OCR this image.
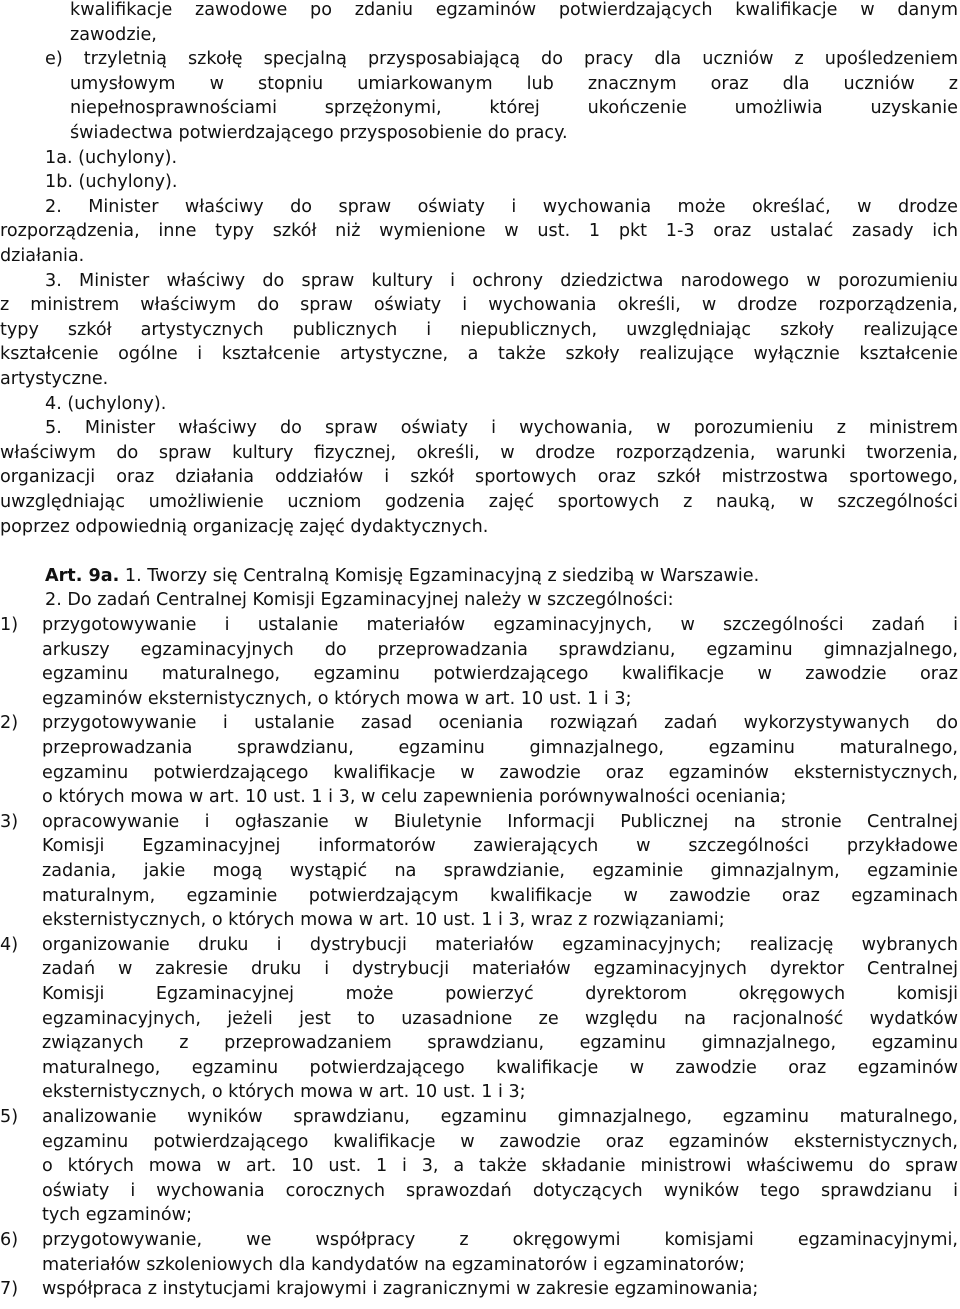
kwalifikacje zawodowe po zdaniu egzaminów potwierdzających kwalifikacje w danym
zawodzie,
e) trzyletnią szkołę specjalną przysposabiającą do pracy dla uczniów z upośledzeniem
umysłowym w stopniu umiarkowanym lub znacznym oraz dla uczniów z
niepełnosprawnościami sprzężonymi, której ukończenie umożliwia uzyskanie
świadectwa potwierdzającego przysposobienie do pracy.
1a. (uchylony).
1b. (uchylony).
2. Minister właściwy do spraw oświaty i wychowania może określać, w drodze
rozporządzenia, inne typy szkół niż wymienione w ust. 1 pkt 1-3 oraz ustalać zasady ich
działania.
3. Minister właściwy do spraw kultury i ochrony dziedzictwa narodowego w porozumieniu
z ministrem właściwym do spraw oświaty i wychowania określi, w drodze rozporządzenia,
typy szkół artystycznych publicznych i niepublicznych, uwzględniając szkoły realizujące
kształcenie ogólne i kształcenie artystyczne, a także szkoły realizujące wyłącznie kształcenie
artystyczne.
4. (uchylony).
5. Minister właściwy do spraw oświaty i wychowania, w porozumieniu z ministrem
właściwym do spraw kultury fizycznej, określi, w drodze rozporządzenia, warunki tworzenia,
organizacji oraz działania oddziałów i szkół sportowych oraz szkół mistrzostwa sportowego,
uwzględniając umożliwienie uczniom godzenia zajęć sportowych z nauką, w szczególności
poprzez odpowiednią organizację zajęć dydaktycznych.
Art. 9a. 1. Tworzy się Centralną Komisję Egzaminacyjną z siedzibą w Warszawie.
2. Do zadań Centralnej Komisji Egzaminacyjnej należy w szczególności:
1) przygotowywanie i ustalanie materiałów egzaminacyjnych, w szczególności zadań i
arkuszy egzaminacyjnych do przeprowadzania sprawdzianu, egzaminu gimnazjalnego,
egzaminu maturalnego, egzaminu potwierdzającego kwalifikacje w zawodzie oraz
egzaminów eksternistycznych, o których mowa w art. 10 ust. 1 i 3;
2) przygotowywanie i ustalanie zasad oceniania rozwiązań zadań wykorzystywanych do
przeprowadzania sprawdzianu, egzaminu gimnazjalnego, egzaminu maturalnego,
egzaminu potwierdzającego kwalifikacje w zawodzie oraz egzaminów eksternistycznych,
o których mowa w art. 10 ust. 1 i 3, w celu zapewnienia porównywalności oceniania;
3) opracowywanie i ogłaszanie w Biuletynie Informacji Publicznej na stronie Centralnej
Komisji Egzaminacyjnej informatorów zawierających w szczególności przykładowe
zadania, jakie mogą wystąpić na sprawdzianie, egzaminie gimnazjalnym, egzaminie
maturalnym, egzaminie potwierdzającym kwalifikacje w zawodzie oraz egzaminach
eksternistycznych, o których mowa w art. 10 ust. 1 i 3, wraz z rozwiązaniami;
4) organizowanie druku i dystrybucji materiałów egzaminacyjnych; realizację wybranych
zadań w zakresie druku i dystrybucji materiałów egzaminacyjnych dyrektor Centralnej
Komisji Egzaminacyjnej może powierzyć dyrektorom okręgowych komisji
egzaminacyjnych, jeżeli jest to uzasadnione ze względu na racjonalność wydatków
związanych z przeprowadzaniem sprawdzianu, egzaminu gimnazjalnego, egzaminu
maturalnego, egzaminu potwierdzającego kwalifikacje w zawodzie oraz egzaminów
eksternistycznych, o których mowa w art. 10 ust. 1 i 3;
5) analizowanie wyników sprawdzianu, egzaminu gimnazjalnego, egzaminu maturalnego,
egzaminu potwierdzającego kwalifikacje w zawodzie oraz egzaminów eksternistycznych,
o których mowa w art. 10 ust. 1 i 3, a także składanie ministrowi właściwemu do spraw
oświaty i wychowania corocznych sprawozdań dotyczących wyników tego sprawdzianu i
tych egzaminów;
6) przygotowywanie, we współpracy z okręgowymi komisjami egzaminacyjnymi,
materiałów szkoleniowych dla kandydatów na egzaminatorów i egzaminatorów;
7) współpraca z instytucjami krajowymi i zagranicznymi w zakresie egzaminowania;
